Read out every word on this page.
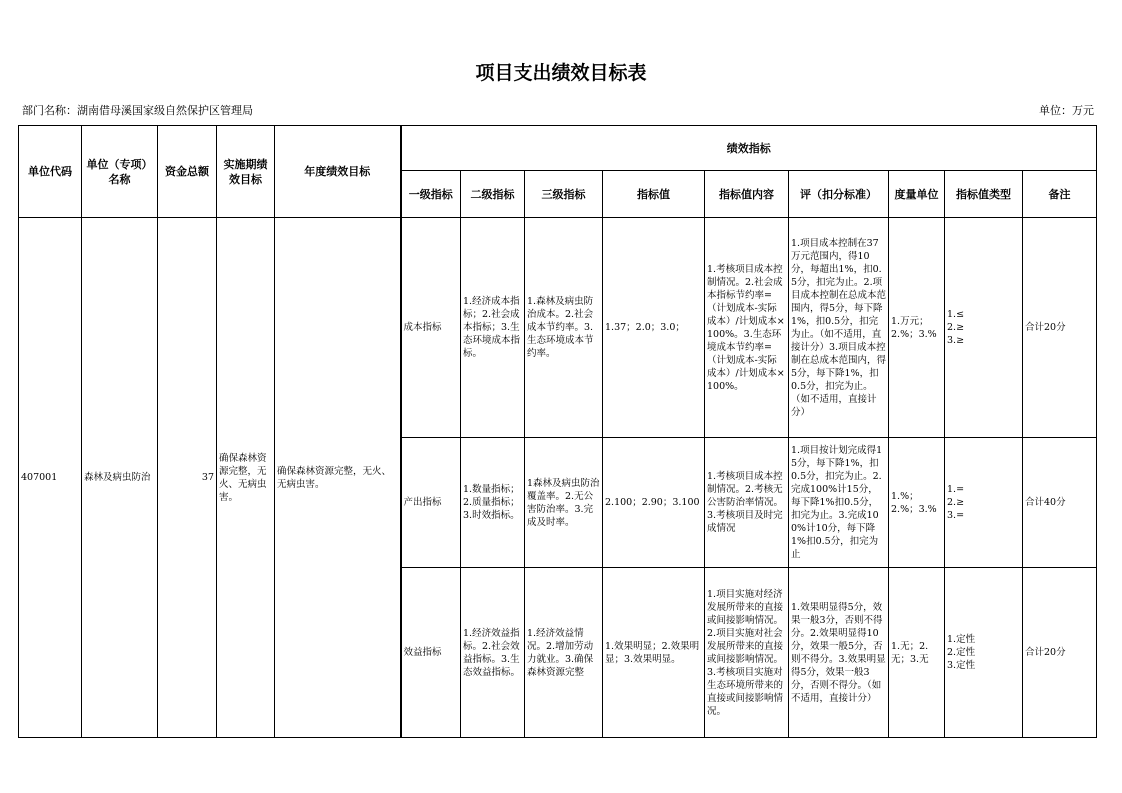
项目支出绩效目标表
部门名称：湖南借母溪国家级自然保护区管理局	单位：万元
单位代码	单位（专项）名称	资金总额	实施期绩效目标	年度绩效目标	绩效指标								
					一级指标	二级指标	三级指标	指标值	指标值内容	评（扣分标准）	度量单位	指标值类型	备注
407001	森林及病虫防治	37	确保森林资源完整，无火、无病虫害。	确保森林资源完整，无火、无病虫害。	成本指标	1.经济成本指标；2.社会成本指标；3.生态环境成本指标。	1.森林及病虫防治成本。2.社会成本节约率。3.生态环境成本节约率。	1.37；2.0；3.0；	1.考核项目成本控制情况。2.社会成本指标节约率=（计划成本-实际成本）/计划成本×100%。3.生态环境成本节约率=（计划成本-实际成本）/计划成本×100%。	1.项目成本控制在37万元范围内，得10分，每超出1%，扣0.5分，扣完为止。2.项目成本控制在总成本范围内，得5分，每下降1%，扣0.5分，扣完为止。（如不适用，直接计分）3.项目成本控制在总成本范围内，得5分，每下降1%，扣0.5分，扣完为止。（如不适用，直接计分）	1.万元；2.%；3.%	1.≤
2.≥
3.≥	合计20分
					产出指标	1.数量指标；2.质量指标；3.时效指标。	1森林及病虫防治覆盖率。2.无公害防治率。3.完成及时率。	2.100；2.90；3.100	1.考核项目成本控制情况。2.考核无公害防治率情况。3.考核项目及时完成情况	1.项目按计划完成得15分，每下降1%，扣0.5分，扣完为止。2.完成100%计15分，每下降1%扣0.5分，扣完为止。3.完成100%计10分，每下降1%扣0.5分，扣完为止	1.%；2.%；3.%	1.=
2.≥
3.=	合计40分
					效益指标	1.经济效益指标。2.社会效益指标。3.生态效益指标。	1.经济效益情况。2.增加劳动力就业。3.确保森林资源完整	1.效果明显；2.效果明显；3.效果明显。	1.项目实施对经济发展所带来的直接或间接影响情况。2.项目实施对社会发展所带来的直接或间接影响情况。3.考核项目实施对生态环境所带来的直接或间接影响情况。	1.效果明显得5分，效果一般3分，否则不得分。2.效果明显得10分，效果一般5分，否则不得分。3.效果明显得5分，效果一般3分，否则不得分。（如不适用，直接计分）	1.无；2.无；3.无	1.定性
2.定性
3.定性	合计20分
